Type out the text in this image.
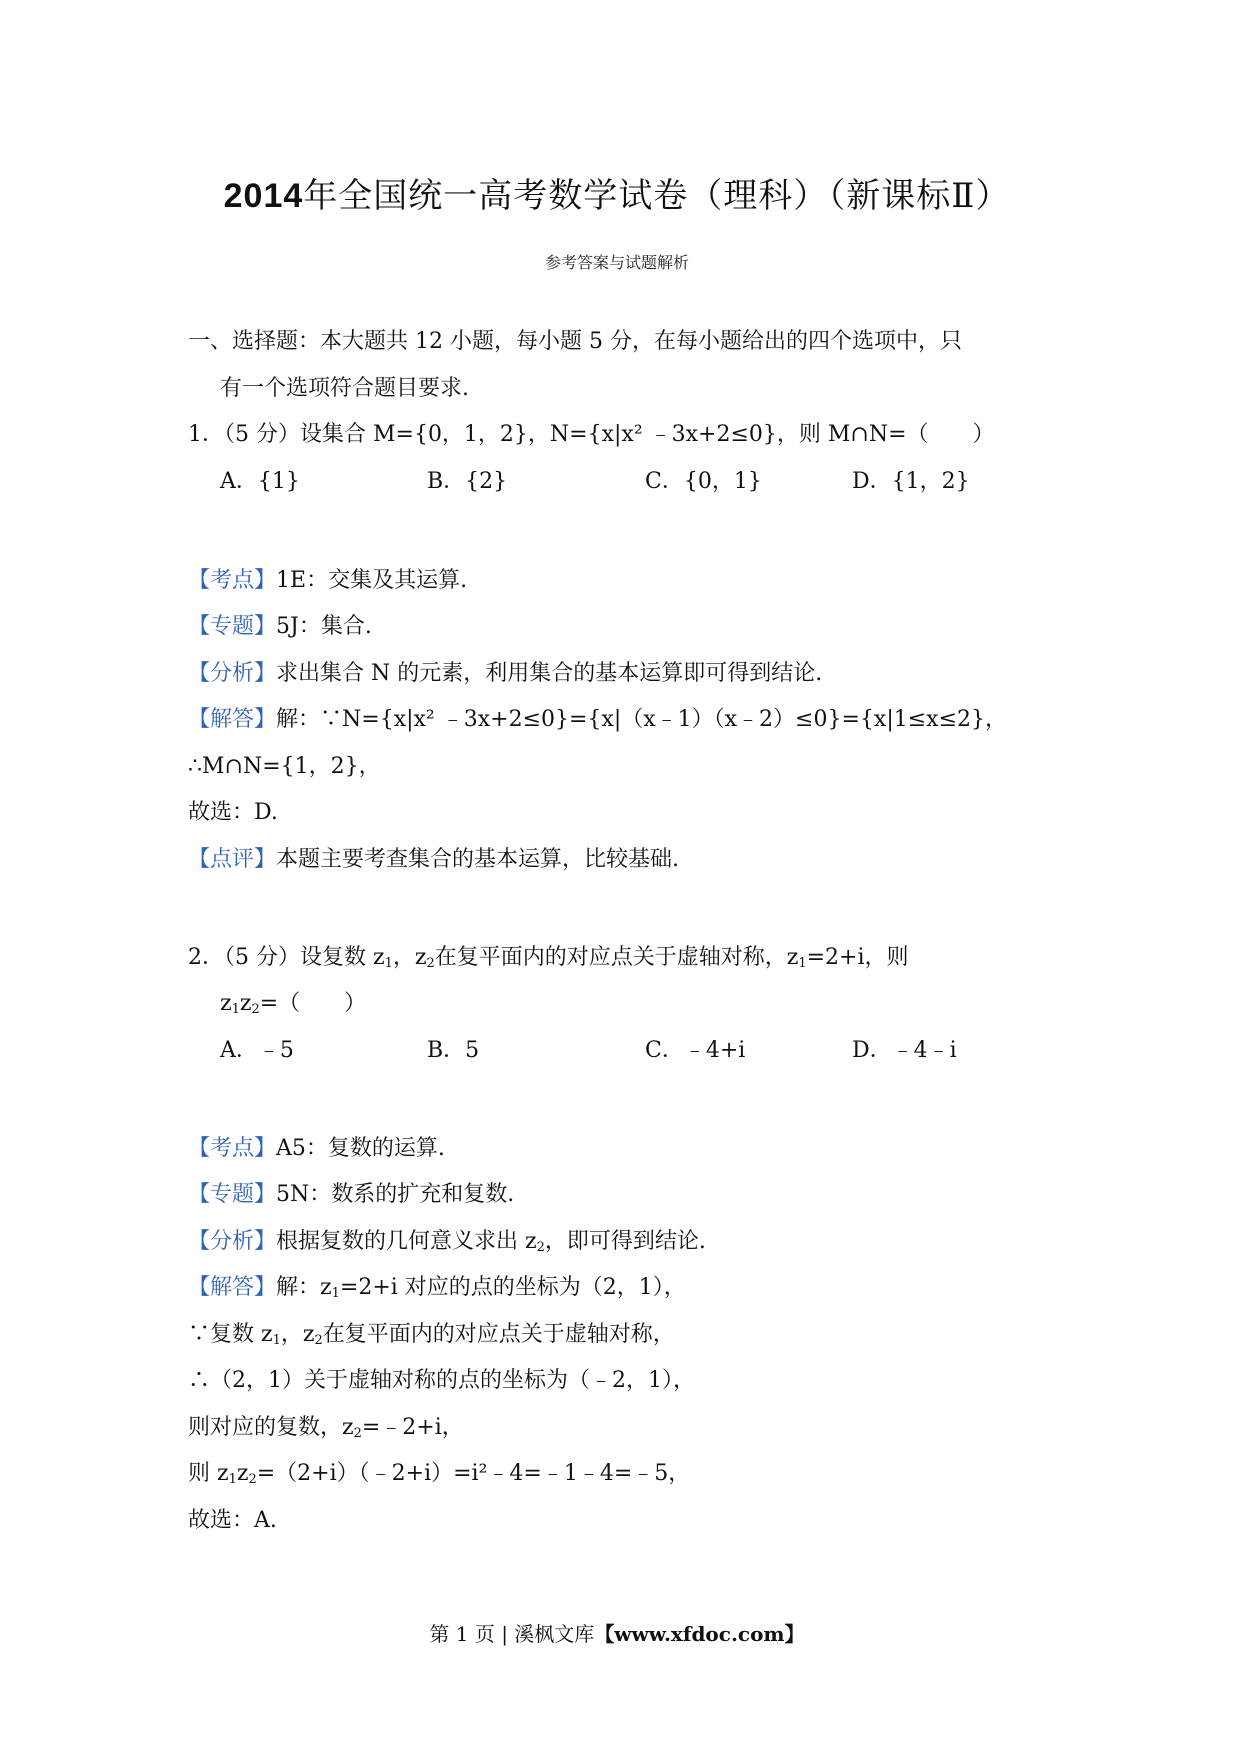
2014年全国统一高考数学试卷（理科）（新课标Ⅱ）
参考答案与试题解析
一、选择题：本大题共 12 小题，每小题 5 分，在每小题给出的四个选项中，只
有一个选项符合题目要求.
1．（5 分）设集合 M={0，1，2}，N={x|x² ﹣3x+2≤0}，则 M∩N=（　　）
A．{1}	B．{2}	C．{0，1}	D．{1，2}
【考点】1E：交集及其运算.
【专题】5J：集合.
【分析】求出集合 N 的元素，利用集合的基本运算即可得到结论.
【解答】解：∵N={x|x² ﹣3x+2≤0}={x|（x﹣1）（x﹣2）≤0}={x|1≤x≤2}，
∴M∩N={1，2}，
故选：D.
【点评】本题主要考查集合的基本运算，比较基础.
2．（5 分）设复数 $z_1$，$z_2$在复平面内的对应点关于虚轴对称，$z_1=2+i$，则
$z_1z_2=$（　　）
A．﹣5	B．5	C．﹣4+i	D．﹣4﹣i
【考点】A5：复数的运算.
【专题】5N：数系的扩充和复数.
【分析】根据复数的几何意义求出 $z_2$，即可得到结论.
【解答】解：$z_1=2+i$ 对应的点的坐标为（2，1），
∵复数 $z_1$，$z_2$在复平面内的对应点关于虚轴对称，
∴（2，1）关于虚轴对称的点的坐标为（﹣2，1），
则对应的复数，$z_2=﹣2+i$，
则 $z_1z_2=(2+i)(﹣2+i)=i^2﹣4=﹣1﹣4=﹣5$，
故选：A.
第 1 页 | 溪枫文库【www.xfdoc.com】
